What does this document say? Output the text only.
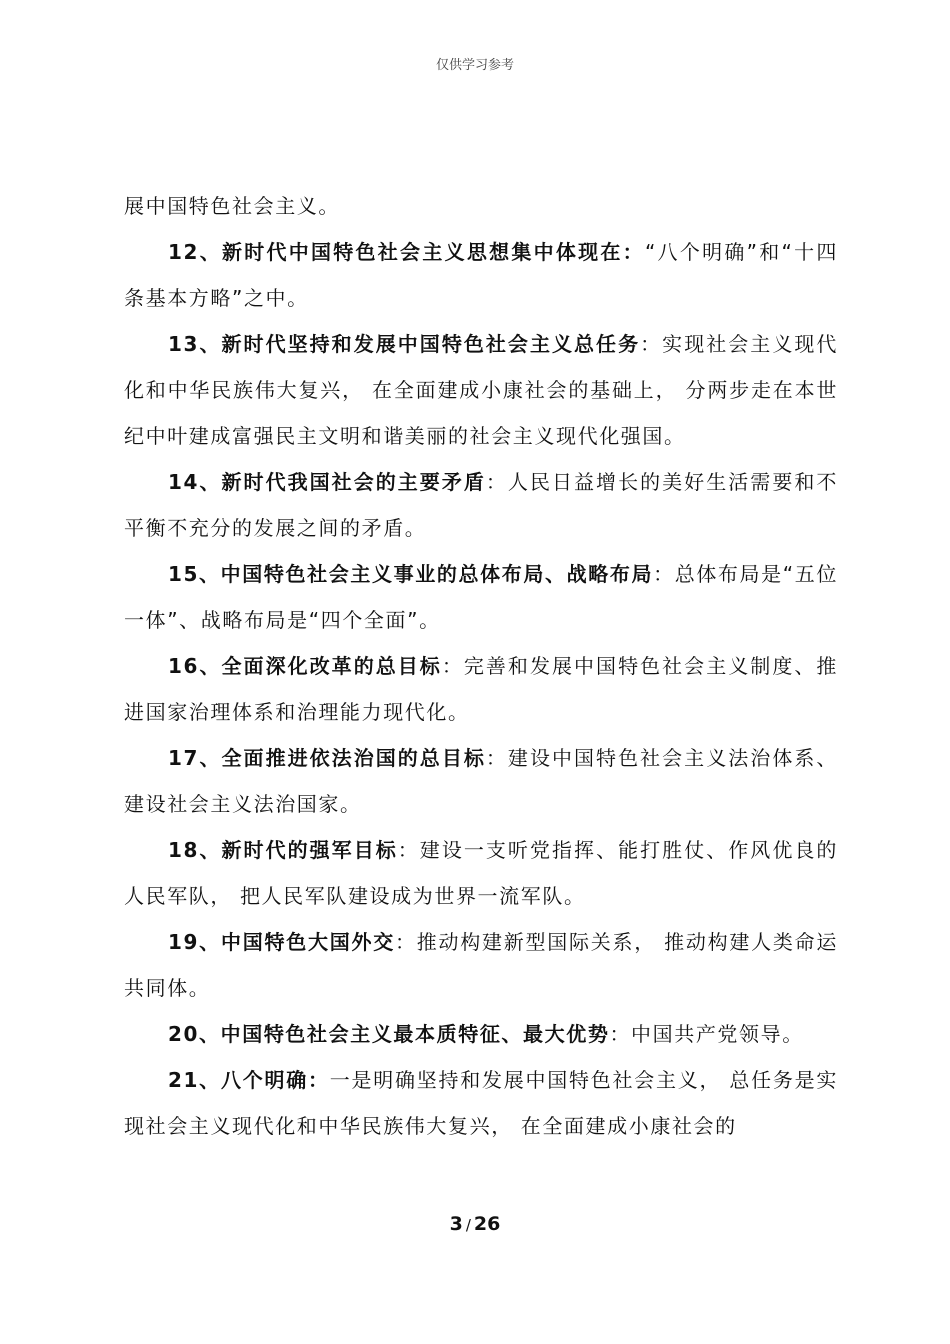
仅供学习参考

展中国特色社会主义。

12、新时代中国特色社会主义思想集中体现在：“八个明确”和“十四条基本方略”之中。

13、新时代坚持和发展中国特色社会主义总任务：实现社会主义现代化和中华民族伟大复兴， 在全面建成小康社会的基础上， 分两步走在本世纪中叶建成富强民主文明和谐美丽的社会主义现代化强国。

14、新时代我国社会的主要矛盾：人民日益增长的美好生活需要和不平衡不充分的发展之间的矛盾。

15、中国特色社会主义事业的总体布局、战略布局：总体布局是“五位一体”、战略布局是“四个全面”。

16、全面深化改革的总目标：完善和发展中国特色社会主义制度、推进国家治理体系和治理能力现代化。

17、全面推进依法治国的总目标：建设中国特色社会主义法治体系、建设社会主义法治国家。

18、新时代的强军目标：建设一支听党指挥、能打胜仗、作风优良的人民军队， 把人民军队建设成为世界一流军队。

19、中国特色大国外交：推动构建新型国际关系， 推动构建人类命运共同体。

20、中国特色社会主义最本质特征、最大优势：中国共产党领导。

21、八个明确：一是明确坚持和发展中国特色社会主义， 总任务是实现社会主义现代化和中华民族伟大复兴， 在全面建成小康社会的

3 / 26
